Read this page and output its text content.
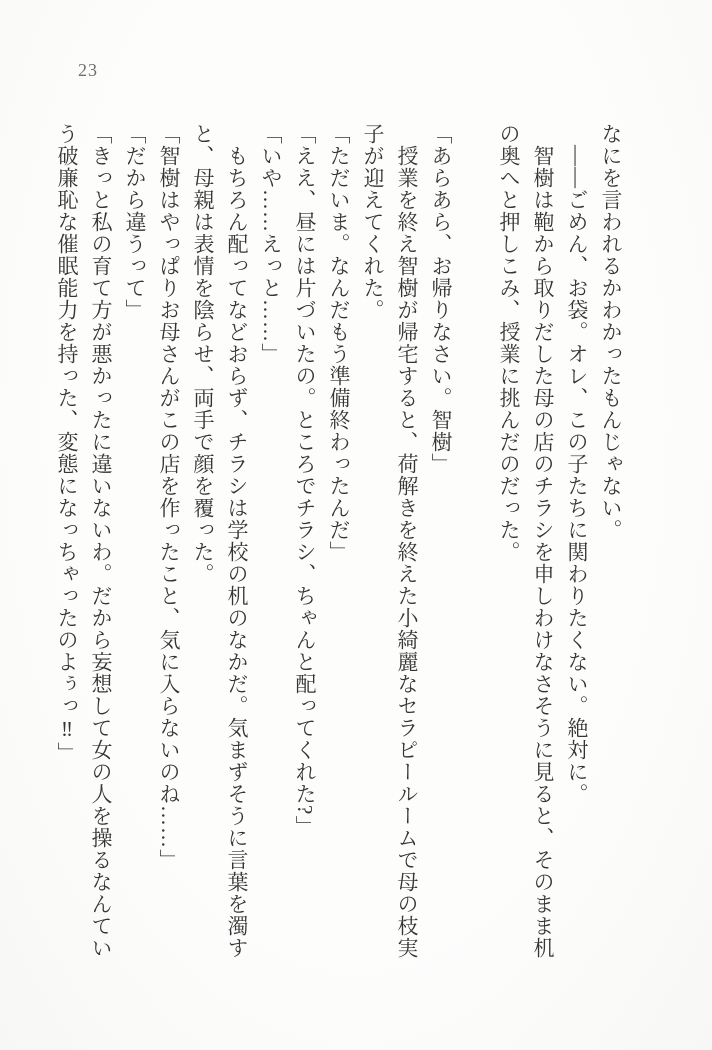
23

なにを言われるかわかったもんじゃない。

――ごめん、お袋。オレ、この子たちに関わりたくない。絶対に。

智樹は鞄から取りだした母の店のチラシを申しわけなさそうに見ると、そのまま机

の奥へと押しこみ、授業に挑んだのだった。

「あらあら、お帰りなさい。智樹」

授業を終え智樹が帰宅すると、荷解きを終えた小綺麗なセラピールームで母の枝実

子が迎えてくれた。

「ただいま。なんだもう準備終わったんだ」

「ええ、昼には片づいたの。ところでチラシ、ちゃんと配ってくれた?」

「いや……えっと……」

もちろん配ってなどおらず、チラシは学校の机のなかだ。気まずそうに言葉を濁す

と、母親は表情を陰らせ、両手で顔を覆った。

「智樹はやっぱりお母さんがこの店を作ったこと、気に入らないのね……」

「だから違うって」

「きっと私の育て方が悪かったに違いないわ。だから妄想して女の人を操るなんてい

う破廉恥な催眠能力を持った、変態になっちゃったのよぅっ‼」
